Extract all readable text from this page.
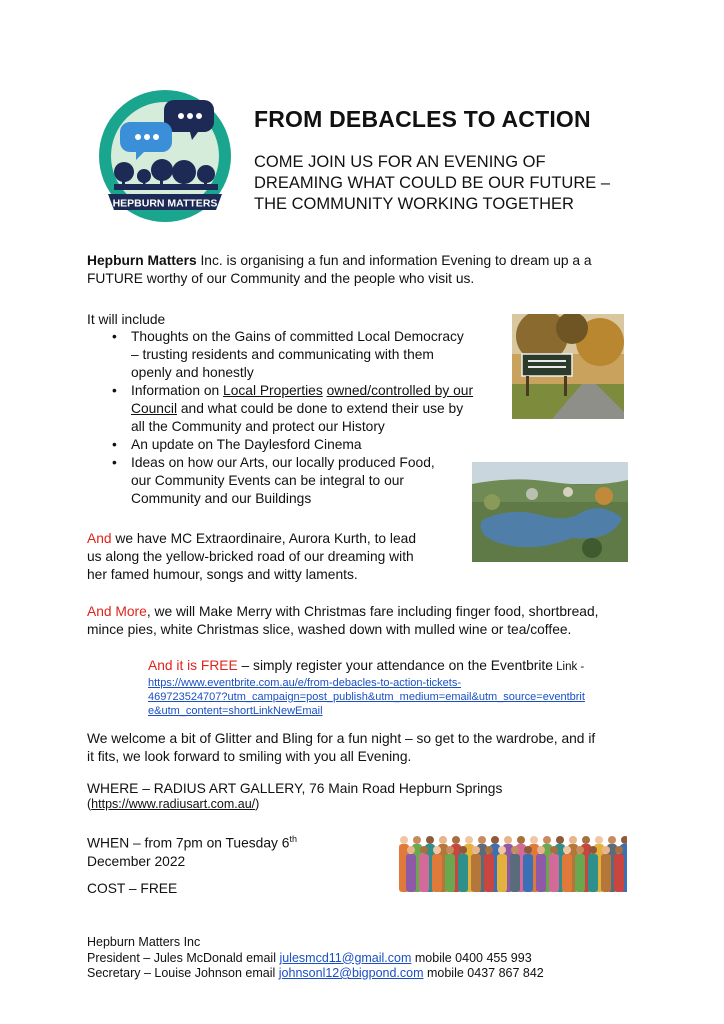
HEPBURN MATTERS
FROM DEBACLES TO ACTION
COME JOIN US FOR AN EVENING OF
DREAMING WHAT COULD BE OUR FUTURE –
THE COMMUNITY WORKING TOGETHER
Hepburn Matters Inc. is organising a fun and information Evening to dream up a a
FUTURE worthy of our Community and the people who visit us.
It will include
• Thoughts on the Gains of committed Local Democracy
– trusting residents and communicating with them
openly and honestly
• Information on Local Properties owned/controlled by our
Council and what could be done to extend their use by
all the Community and protect our History
• An update on The Daylesford Cinema
• Ideas on how our Arts, our locally produced Food,
our Community Events can be integral to our
Community and our Buildings
And we have MC Extraordinaire, Aurora Kurth, to lead
us along the yellow-bricked road of our dreaming with
her famed humour, songs and witty laments.
And More, we will Make Merry with Christmas fare including finger food, shortbread,
mince pies, white Christmas slice, washed down with mulled wine or tea/coffee.
And it is FREE – simply register your attendance on the Eventbrite Link -
https://www.eventbrite.com.au/e/from-debacles-to-action-tickets-
469723524707?utm_campaign=post_publish&utm_medium=email&utm_source=eventbrit
e&utm_content=shortLinkNewEmail
We welcome a bit of Glitter and Bling for a fun night – so get to the wardrobe, and if
it fits, we look forward to smiling with you all Evening.
WHERE – RADIUS ART GALLERY, 76 Main Road Hepburn Springs
(https://www.radiusart.com.au/)
WHEN – from 7pm on Tuesday 6th
December 2022
COST – FREE
Hepburn Matters Inc
President – Jules McDonald email julesmcd11@gmail.com mobile 0400 455 993
Secretary – Louise Johnson email johnsonl12@bigpond.com mobile 0437 867 842
